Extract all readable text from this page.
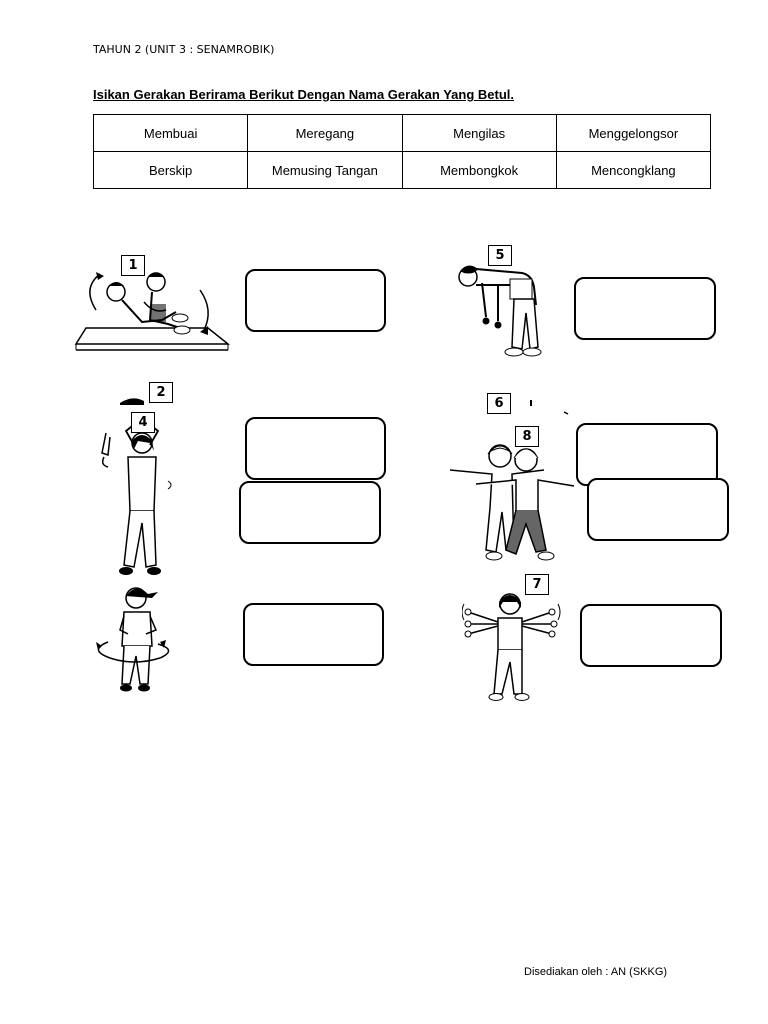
TAHUN 2 (UNIT 3 : SENAMROBIK)
Isikan Gerakan Berirama Berikut Dengan Nama Gerakan Yang Betul.
Membuai	Meregang	Mengilas	Menggelongsor
Berskip	Memusing Tangan	Membongkok	Mencongklang
1
5
2
4
6
8
7
Disediakan oleh : AN (SKKG)
